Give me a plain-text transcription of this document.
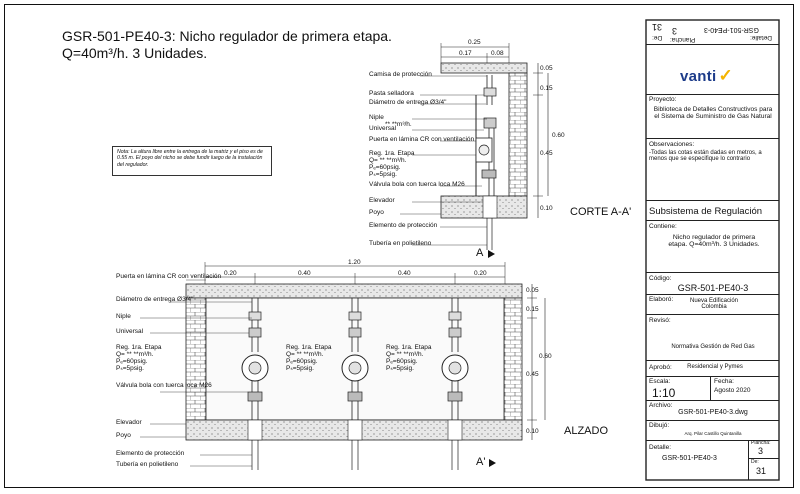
GSR-501-PE40-3: Nicho regulador de primera etapa.
Q=40m³/h. 3 Unidades.
Nota: La altura libre entre la entrega de la matriz y el piso es de 0.55 m. El poyo del nicho se debe fundir luego de la instalación del regulador.
0.25
0.17	0.08
0.05
0.15
0.60
0.45
0.10
Camisa de protección
Pasta selladora
Diámetro de entrega Ø3/4"
Niple
** **m³/h.
Universal
Puerta en lámina CR con ventilación
Reg. 1ra. Etapa
Q= ** **m³/h.
Pₑ=60psig.
Pₛ=5psig.
Válvula bola con tuerca loca M26
Elevador
Poyo
Elemento de protección
Tubería en polietileno
CORTE A-A'
A
1.20
0.20	0.40	0.40	0.20
0.05
0.15
0.60
0.45
0.10
Puerta en lámina CR con ventilación
Diámetro de entrega Ø3/4"
Niple
Universal
Válvula bola con tuerca loca M26
Elevador
Poyo
Elemento de protección
Tubería en polietileno
Reg. 1ra. Etapa
Q= ** **m³/h.
Pₑ=60psig.
Pₛ=5psig.
Reg. 1ra. Etapa
Q= ** **m³/h.
Pₑ=60psig.
Pₛ=5psig.
Reg. 1ra. Etapa
Q= ** **m³/h.
Pₑ=60psig.
Pₛ=5psig.
ALZADO
A'
Detalle:
GSR-501-PE40-3
Plancha:
3
De:
31
Proyecto:
Biblioteca de Detalles Constructivos para el Sistema de Suministro de Gas Natural
Observaciones:
-Todas las cotas están dadas en metros, a menos que se especifique lo contrario
Subsistema de Regulación
Contiene:
Nicho regulador de primera etapa. Q=40m³/h. 3 Unidades.
Código:
GSR-501-PE40-3
Elaboró:	Nueva Edificación Colombia
Revisó:
Normativa Gestión de Red Gas
Aprobó:	Residencial y Pymes
Escala:
1:10
Fecha:
Agosto 2020
Archivo:
GSR-501-PE40-3.dwg
Dibujó:
Arq. Pilar Castillo Quintanilla
Detalle:
GSR-501-PE40-3
Plancha:
3
De:
31
vanti ✓
